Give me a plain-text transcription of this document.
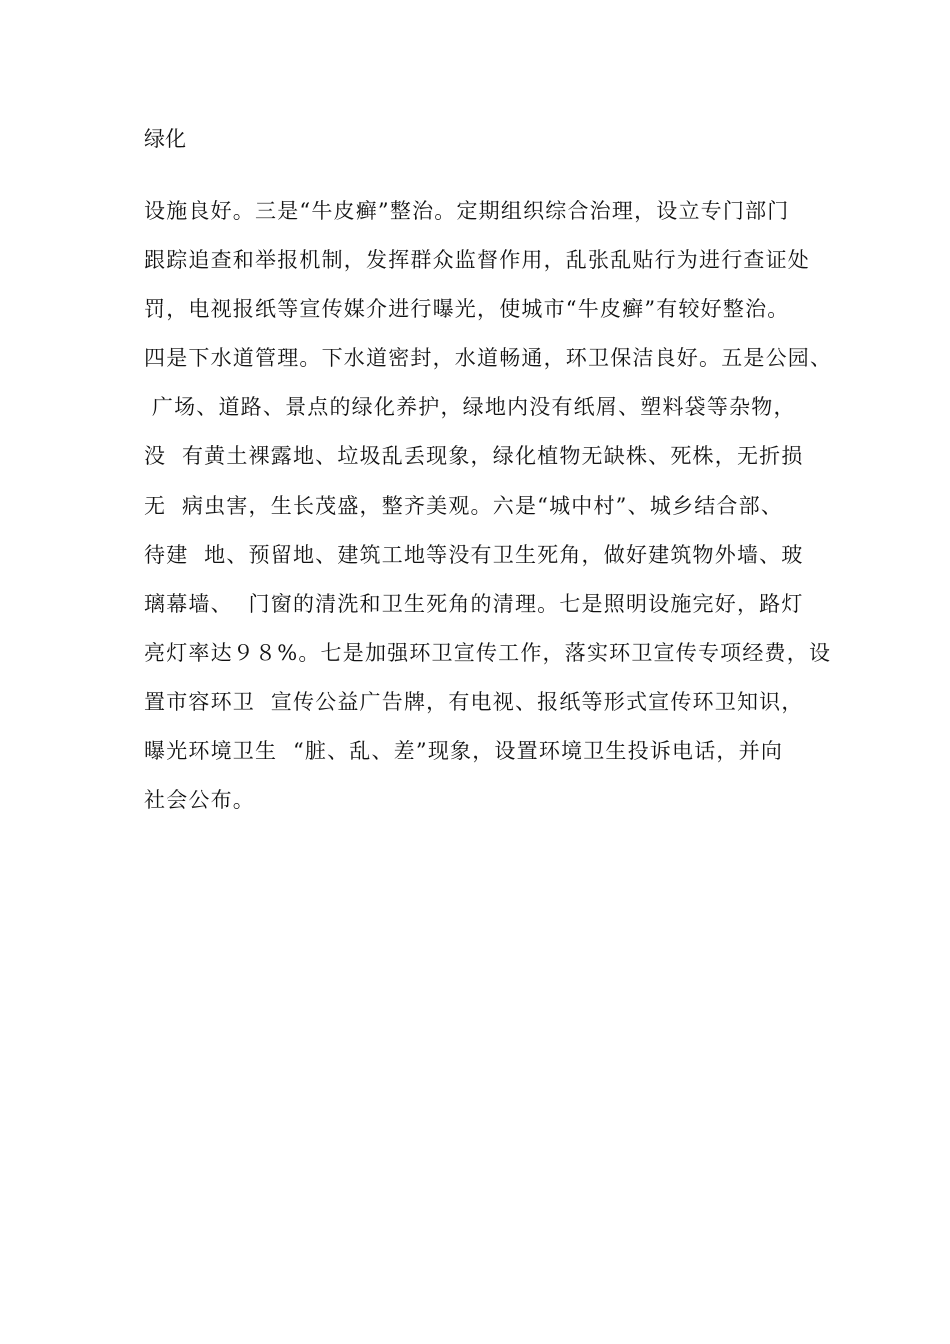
绿化
设施良好。三是“牛皮癣”整治。定期组织综合治理，设立专门部门
跟踪追查和举报机制，发挥群众监督作用，乱张乱贴行为进行查证处
罚，电视报纸等宣传媒介进行曝光，使城市“牛皮癣”有较好整治。
四是下水道管理。下水道密封，水道畅通，环卫保洁良好。五是公园、
广场、道路、景点的绿化养护，绿地内没有纸屑、塑料袋等杂物，
没  有黄土裸露地、垃圾乱丢现象，绿化植物无缺株、死株，无折损
无  病虫害，生长茂盛，整齐美观。六是“城中村”、城乡结合部、
待建  地、预留地、建筑工地等没有卫生死角，做好建筑物外墙、玻
璃幕墙、  门窗的清洗和卫生死角的清理。七是照明设施完好，路灯
亮灯率达９８%。七是加强环卫宣传工作，落实环卫宣传专项经费，设
置市容环卫  宣传公益广告牌，有电视、报纸等形式宣传环卫知识，
曝光环境卫生  “脏、乱、差”现象，设置环境卫生投诉电话，并向
社会公布。
